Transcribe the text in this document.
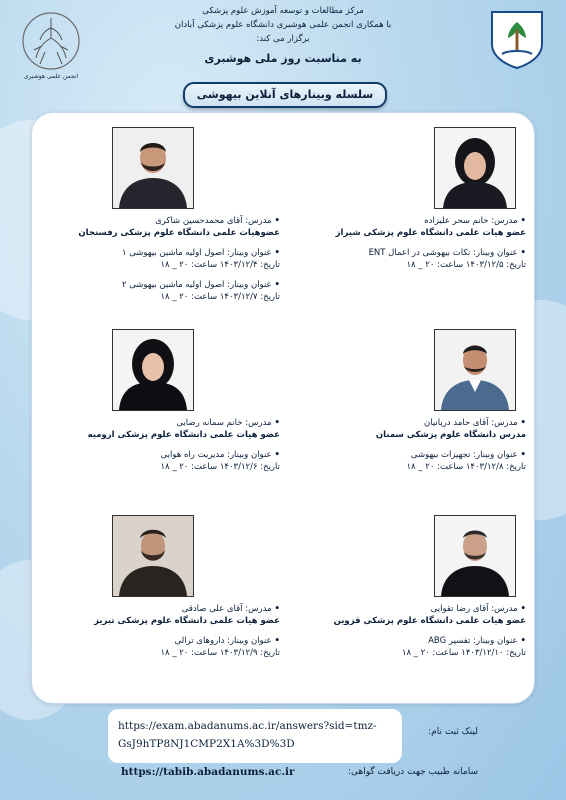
مرکز مطالعات و توسعه آموزش علوم پزشکی
با همکاری انجمن علمی هوشبری دانشگاه علوم پزشکی آبادان
برگزار می کند:
به مناسبت روز ملی هوشبری
انجمن علمی هوشبری

سلسله وبینارهای آنلاین بیهوشی
• مدرس: خانم سحر علیزاده
عضو هیات علمی دانشگاه علوم پزشکی شیراز
• عنوان وبینار: نکات بیهوشی در اعمال ENT
تاریخ: ۱۴۰۳/۱۲/۵ ساعت: ۲۰ _ ۱۸
• مدرس: آقای محمدحسین شاکری
عضوهیات علمی دانشگاه علوم پزشکی رفسنجان
• عنوان وبینار: اصول اولیه ماشین بیهوشی ۱
تاریخ: ۱۴۰۳/۱۲/۴ ساعت: ۲۰ _ ۱۸
• عنوان وبینار: اصول اولیه ماشین بیهوشی ۲
تاریخ: ۱۴۰۳/۱۲/۷ ساعت: ۲۰ _ ۱۸
• مدرس: آقای حامد دریانیان
مدرس دانشگاه علوم پزشکی سمنان
• عنوان وبینار: تجهیزات بیهوشی
تاریخ: ۱۴۰۳/۱۲/۸ ساعت: ۲۰ _ ۱۸
• مدرس: خانم سمانه رضایی
عضو هیات علمی دانشگاه علوم پزشکی ارومیه
• عنوان وبینار: مدیریت راه هوایی
تاریخ: ۱۴۰۳/۱۲/۶ ساعت: ۲۰ _ ۱۸
• مدرس: آقای رضا تقوایی
عضو هیات علمی دانشگاه علوم پزشکی قزوین
• عنوان وبینار: تفسیر ABG
تاریخ: ۱۴۰۳/۱۲/۱۰ ساعت: ۲۰ _ ۱۸
• مدرس: آقای علی صادقی
عضو هیات علمی دانشگاه علوم پزشکی تبریز
• عنوان وبینار: داروهای ترالی
تاریخ: ۱۴۰۳/۱۲/۹ ساعت: ۲۰ _ ۱۸
لینک ثبت نام:
https://exam.abadanums.ac.ir/answers?sid=tmz-
GsJ9hTP8NJ1CMP2X1A%3D%3D
سامانه طبیب جهت دریافت گواهی:
https://tabib.abadanums.ac.ir
